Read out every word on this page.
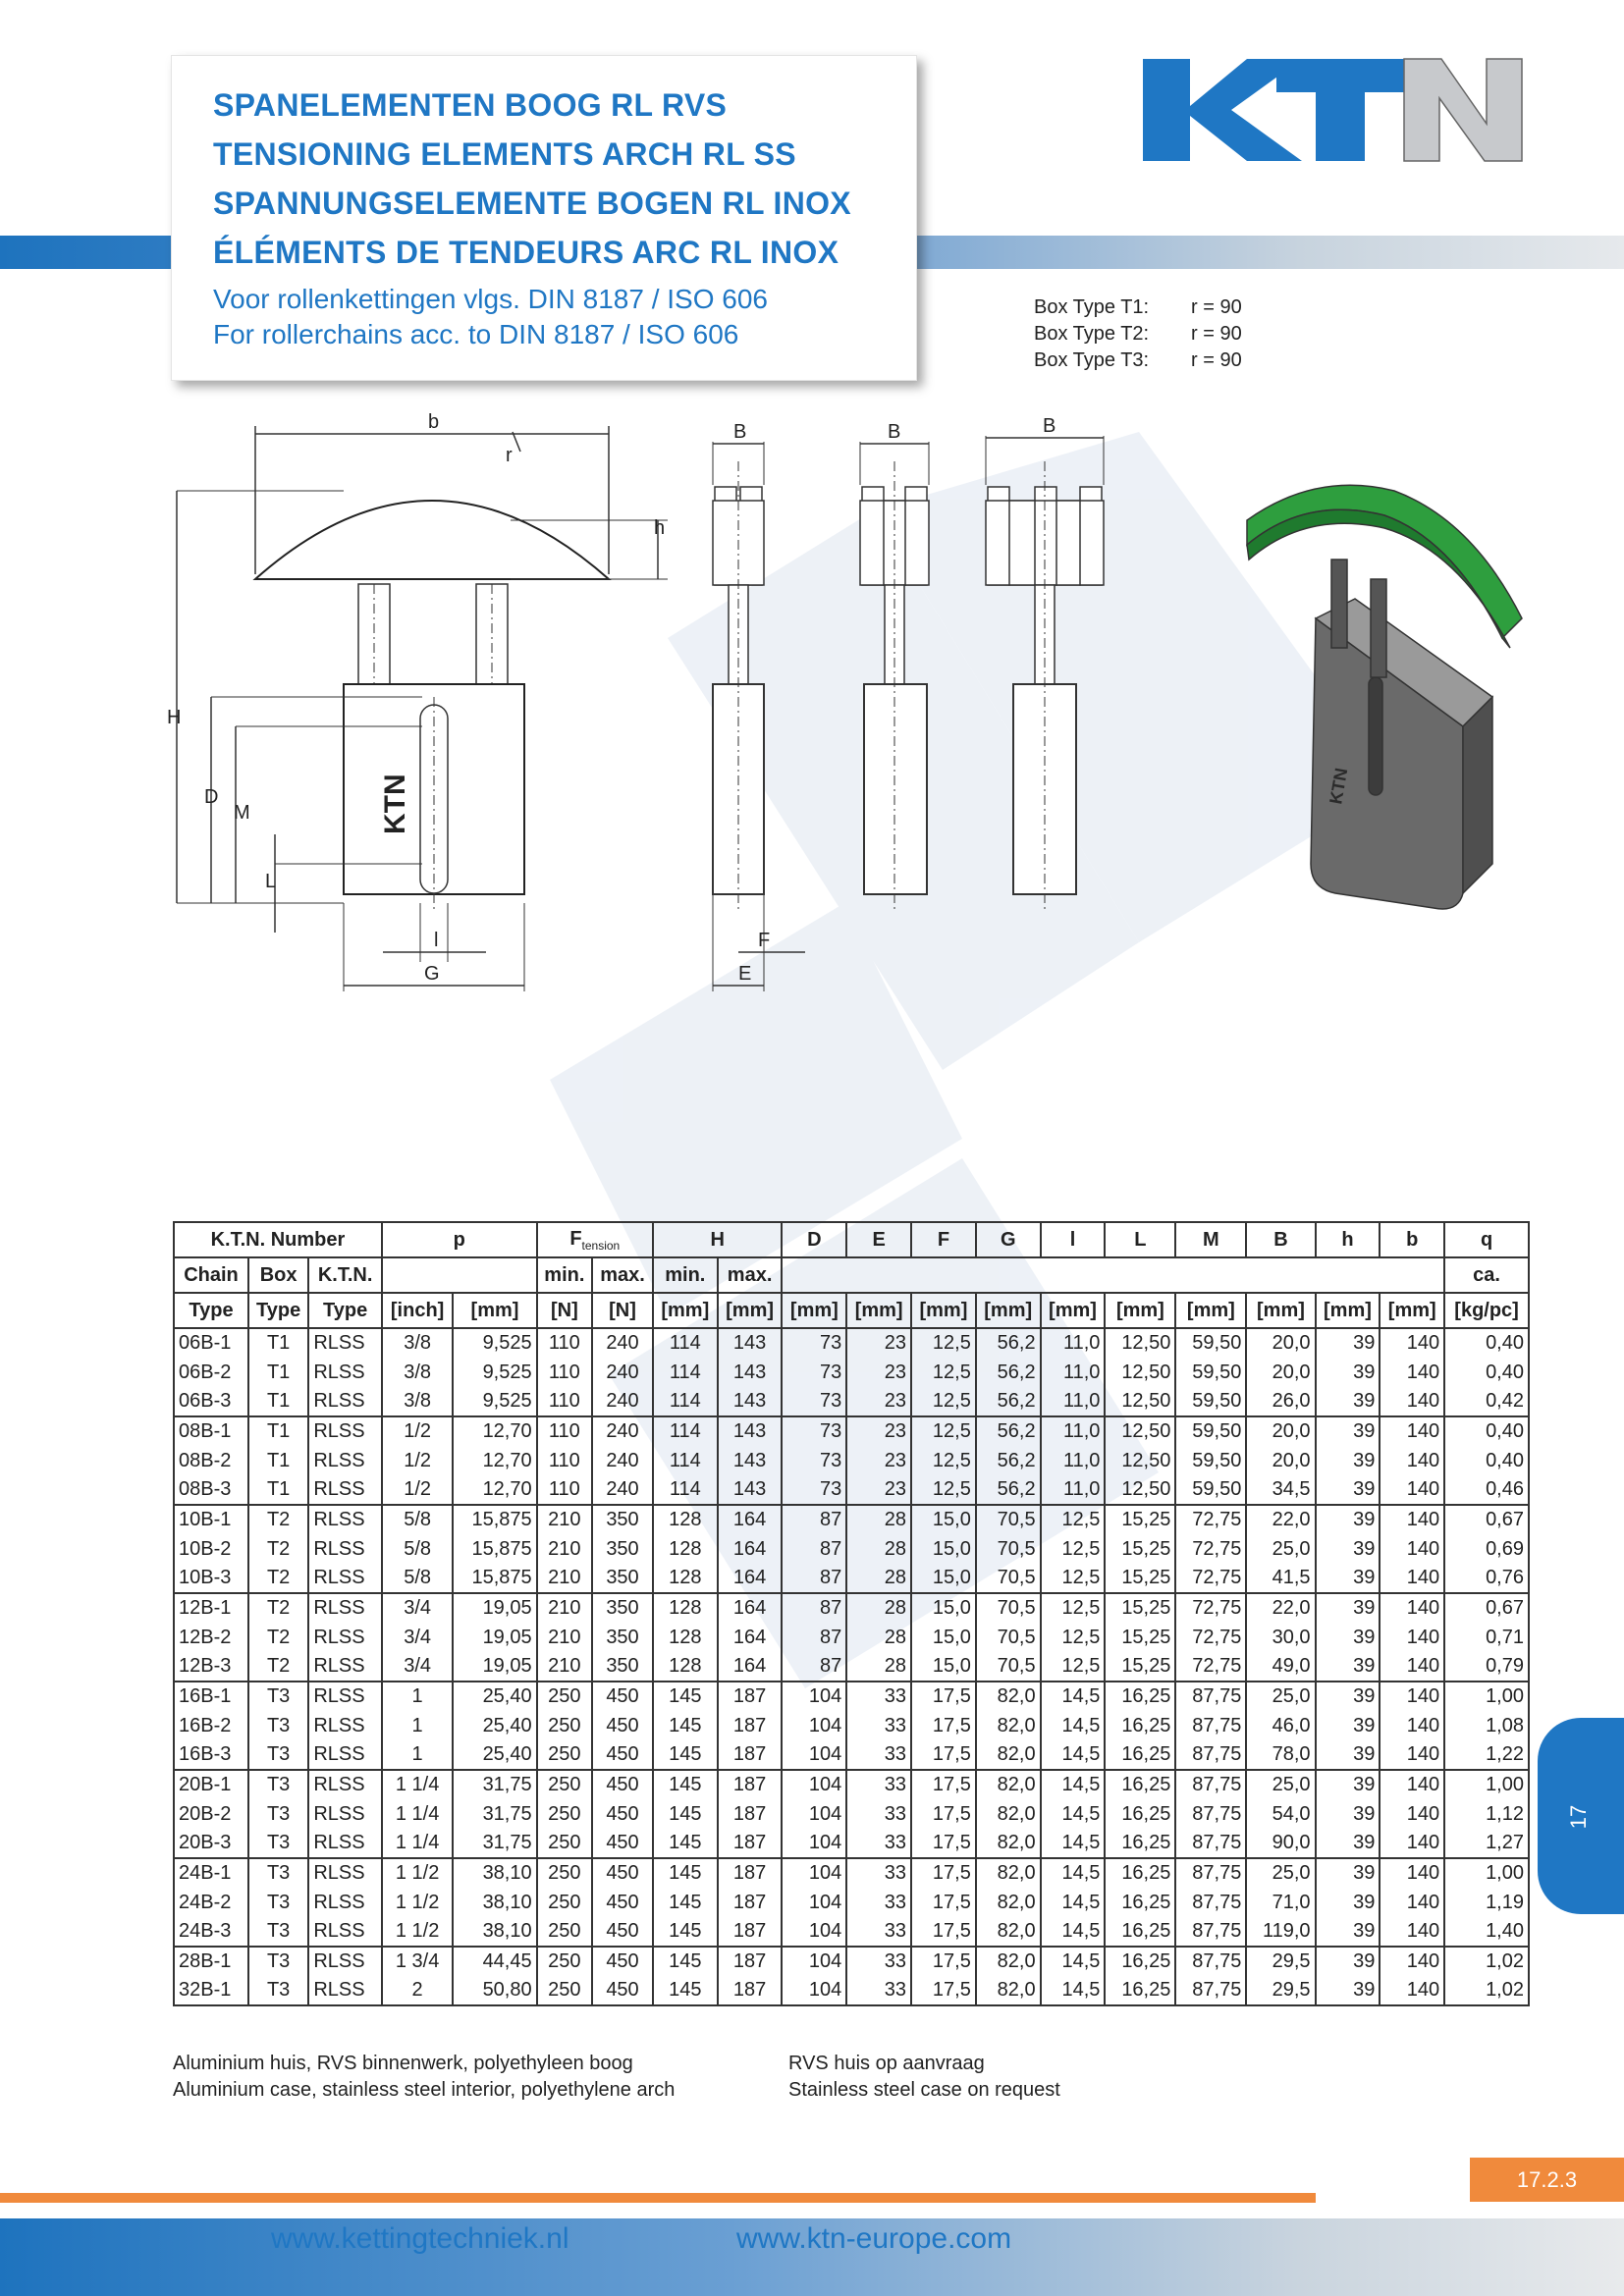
SPANELEMENTEN BOOG RL RVS
TENSIONING ELEMENTS ARCH RL SS
SPANNUNGSELEMENTE BOGEN RL INOX
ÉLÉMENTS DE TENDEURS ARC RL INOX
Voor rollenkettingen vlgs. DIN 8187 / ISO 606
For rollerchains acc. to DIN 8187 / ISO 606
Box Type T1:	r = 90
Box Type T2:	r = 90
Box Type T3:	r = 90
b
r
h
H
D
M
L
l
G
KTN
B
F
E
B	B
KTN
K.T.N. Number			p		$F_{tension}$		H		D	E	F	G	l	L	M	B	h	b	q
Chain	Box	K.T.N.			min.	max.	min.	max.											ca.
Type	Type	Type	[inch]	[mm]	[N]	[N]	[mm]	[mm]	[mm]	[mm]	[mm]	[mm]	[mm]	[mm]	[mm]	[mm]	[mm]	[mm]	[kg/pc]
06B-1	T1	RLSS	3/8	9,525	110	240	114	143	73	23	12,5	56,2	11,0	12,50	59,50	20,0	39	140	0,40
06B-2	T1	RLSS	3/8	9,525	110	240	114	143	73	23	12,5	56,2	11,0	12,50	59,50	20,0	39	140	0,40
06B-3	T1	RLSS	3/8	9,525	110	240	114	143	73	23	12,5	56,2	11,0	12,50	59,50	26,0	39	140	0,42
08B-1	T1	RLSS	1/2	12,70	110	240	114	143	73	23	12,5	56,2	11,0	12,50	59,50	20,0	39	140	0,40
08B-2	T1	RLSS	1/2	12,70	110	240	114	143	73	23	12,5	56,2	11,0	12,50	59,50	20,0	39	140	0,40
08B-3	T1	RLSS	1/2	12,70	110	240	114	143	73	23	12,5	56,2	11,0	12,50	59,50	34,5	39	140	0,46
10B-1	T2	RLSS	5/8	15,875	210	350	128	164	87	28	15,0	70,5	12,5	15,25	72,75	22,0	39	140	0,67
10B-2	T2	RLSS	5/8	15,875	210	350	128	164	87	28	15,0	70,5	12,5	15,25	72,75	25,0	39	140	0,69
10B-3	T2	RLSS	5/8	15,875	210	350	128	164	87	28	15,0	70,5	12,5	15,25	72,75	41,5	39	140	0,76
12B-1	T2	RLSS	3/4	19,05	210	350	128	164	87	28	15,0	70,5	12,5	15,25	72,75	22,0	39	140	0,67
12B-2	T2	RLSS	3/4	19,05	210	350	128	164	87	28	15,0	70,5	12,5	15,25	72,75	30,0	39	140	0,71
12B-3	T2	RLSS	3/4	19,05	210	350	128	164	87	28	15,0	70,5	12,5	15,25	72,75	49,0	39	140	0,79
16B-1	T3	RLSS	1	25,40	250	450	145	187	104	33	17,5	82,0	14,5	16,25	87,75	25,0	39	140	1,00
16B-2	T3	RLSS	1	25,40	250	450	145	187	104	33	17,5	82,0	14,5	16,25	87,75	46,0	39	140	1,08
16B-3	T3	RLSS	1	25,40	250	450	145	187	104	33	17,5	82,0	14,5	16,25	87,75	78,0	39	140	1,22
20B-1	T3	RLSS	1 1/4	31,75	250	450	145	187	104	33	17,5	82,0	14,5	16,25	87,75	25,0	39	140	1,00
20B-2	T3	RLSS	1 1/4	31,75	250	450	145	187	104	33	17,5	82,0	14,5	16,25	87,75	54,0	39	140	1,12
20B-3	T3	RLSS	1 1/4	31,75	250	450	145	187	104	33	17,5	82,0	14,5	16,25	87,75	90,0	39	140	1,27
24B-1	T3	RLSS	1 1/2	38,10	250	450	145	187	104	33	17,5	82,0	14,5	16,25	87,75	25,0	39	140	1,00
24B-2	T3	RLSS	1 1/2	38,10	250	450	145	187	104	33	17,5	82,0	14,5	16,25	87,75	71,0	39	140	1,19
24B-3	T3	RLSS	1 1/2	38,10	250	450	145	187	104	33	17,5	82,0	14,5	16,25	87,75	119,0	39	140	1,40
28B-1	T3	RLSS	1 3/4	44,45	250	450	145	187	104	33	17,5	82,0	14,5	16,25	87,75	29,5	39	140	1,02
32B-1	T3	RLSS	2	50,80	250	450	145	187	104	33	17,5	82,0	14,5	16,25	87,75	29,5	39	140	1,02
17
Aluminium huis, RVS binnenwerk, polyethyleen boog
Aluminium case, stainless steel interior, polyethylene arch
RVS huis op aanvraag
Stainless steel case on request
17.2.3
www.kettingtechniek.nl	www.ktn-europe.com
